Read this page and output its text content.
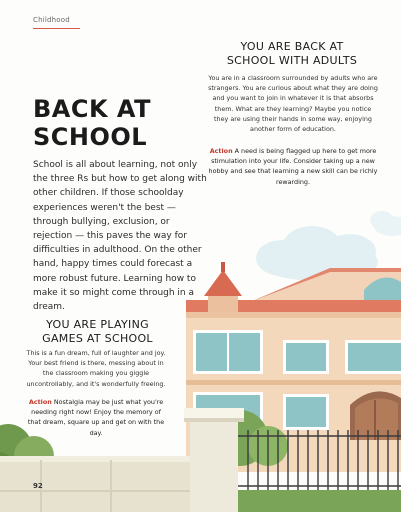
Childhood
BACK AT
SCHOOL

School is all about learning, not only the three Rs but how to get along with other children. If those schoolday experiences weren't the best — through bullying, exclusion, or rejection — this paves the way for difficulties in adulthood. On the other hand, happy times could forecast a more robust future. Learning how to make it so might come through in a dream.

YOU ARE BACK AT
SCHOOL WITH ADULTS

You are in a classroom surrounded by adults who are strangers. You are curious about what they are doing and you want to join in whatever it is that absorbs them. What are they learning? Maybe you notice they are using their hands in some way, enjoying another form of education.

Action A need is being flagged up here to get more stimulation into your life. Consider taking up a new hobby and see that learning a new skill can be richly rewarding.

YOU ARE PLAYING
GAMES AT SCHOOL

This is a fun dream, full of laughter and joy. Your best friend is there, messing about in the classroom making you giggle uncontrollably, and it's wonderfully freeing.

Action Nostalgia may be just what you're needing right now! Enjoy the memory of that dream, square up and get on with the day.

92
